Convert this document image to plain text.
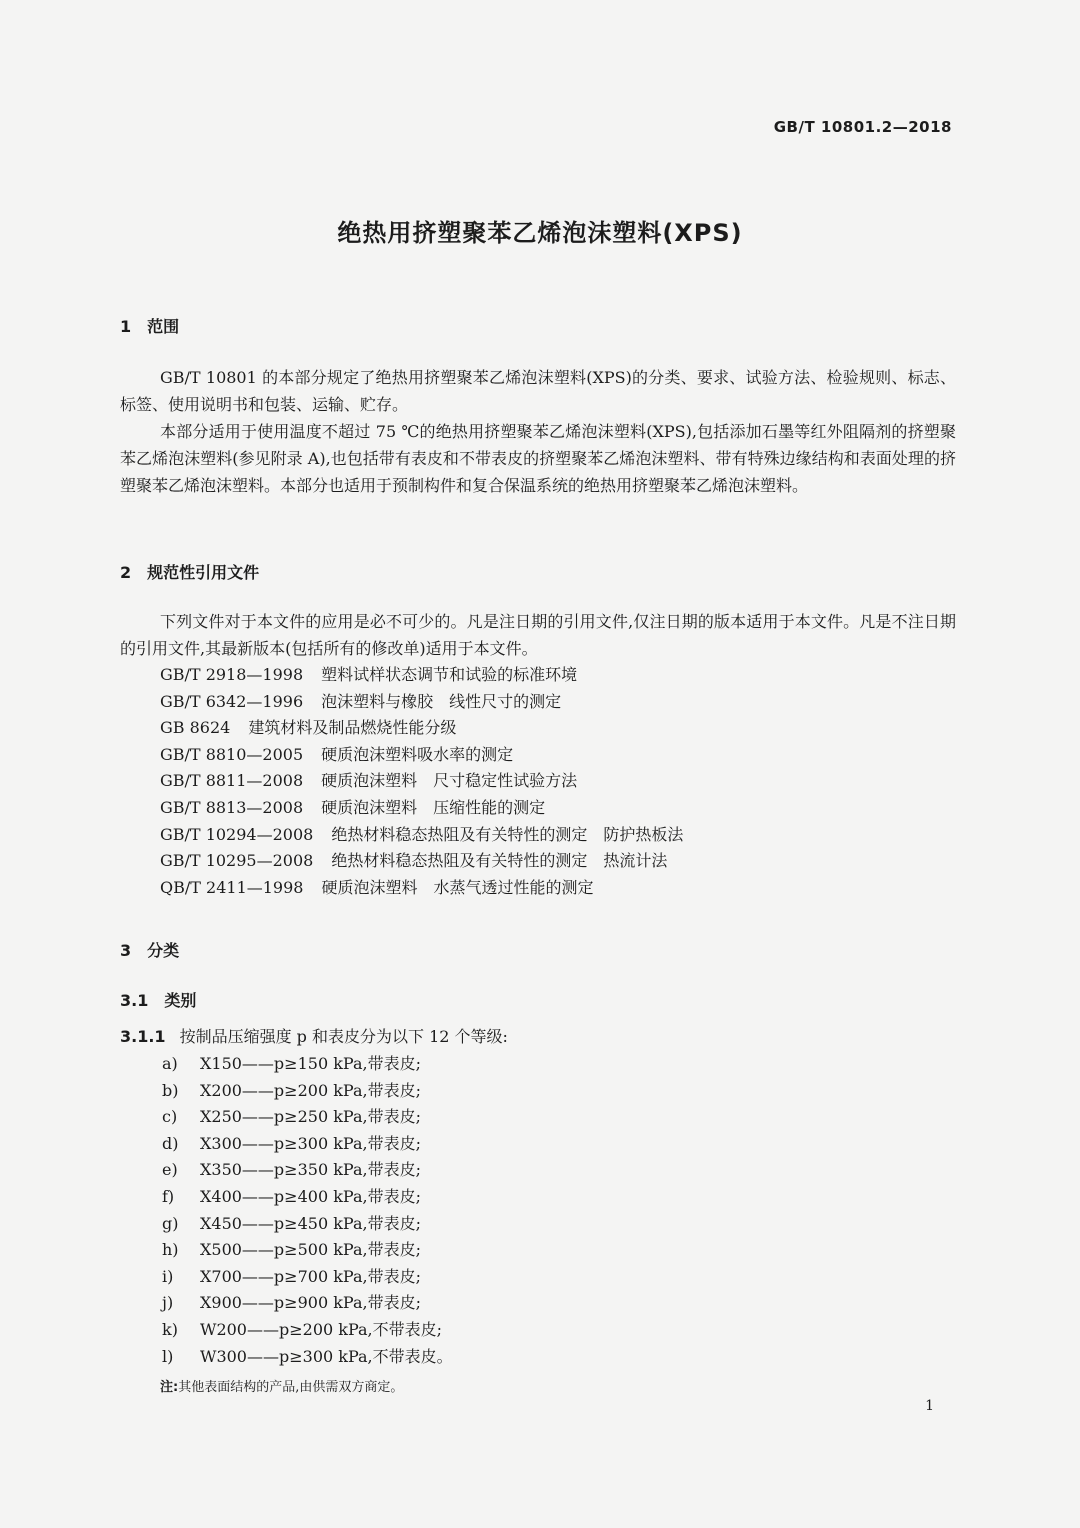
GB/T 10801.2—2018
绝热用挤塑聚苯乙烯泡沫塑料(XPS)
1 范围
GB/T 10801 的本部分规定了绝热用挤塑聚苯乙烯泡沫塑料(XPS)的分类、要求、试验方法、检验规则、标志、标签、使用说明书和包装、运输、贮存。
本部分适用于使用温度不超过 75 ℃的绝热用挤塑聚苯乙烯泡沫塑料(XPS),包括添加石墨等红外阻隔剂的挤塑聚苯乙烯泡沫塑料(参见附录 A),也包括带有表皮和不带表皮的挤塑聚苯乙烯泡沫塑料、带有特殊边缘结构和表面处理的挤塑聚苯乙烯泡沫塑料。本部分也适用于预制构件和复合保温系统的绝热用挤塑聚苯乙烯泡沫塑料。
2 规范性引用文件
下列文件对于本文件的应用是必不可少的。凡是注日期的引用文件,仅注日期的版本适用于本文件。凡是不注日期的引用文件,其最新版本(包括所有的修改单)适用于本文件。
GB/T 2918—1998 塑料试样状态调节和试验的标准环境
GB/T 6342—1996 泡沫塑料与橡胶　线性尺寸的测定
GB 8624 建筑材料及制品燃烧性能分级
GB/T 8810—2005 硬质泡沫塑料吸水率的测定
GB/T 8811—2008 硬质泡沫塑料　尺寸稳定性试验方法
GB/T 8813—2008 硬质泡沫塑料　压缩性能的测定
GB/T 10294—2008 绝热材料稳态热阻及有关特性的测定　防护热板法
GB/T 10295—2008 绝热材料稳态热阻及有关特性的测定　热流计法
QB/T 2411—1998 硬质泡沫塑料　水蒸气透过性能的测定
3 分类
3.1 类别
3.1.1 按制品压缩强度 p 和表皮分为以下 12 个等级:
a) X150——p≥150 kPa,带表皮;
b) X200——p≥200 kPa,带表皮;
c) X250——p≥250 kPa,带表皮;
d) X300——p≥300 kPa,带表皮;
e) X350——p≥350 kPa,带表皮;
f) X400——p≥400 kPa,带表皮;
g) X450——p≥450 kPa,带表皮;
h) X500——p≥500 kPa,带表皮;
i) X700——p≥700 kPa,带表皮;
j) X900——p≥900 kPa,带表皮;
k) W200——p≥200 kPa,不带表皮;
l) W300——p≥300 kPa,不带表皮。
注:其他表面结构的产品,由供需双方商定。
1
